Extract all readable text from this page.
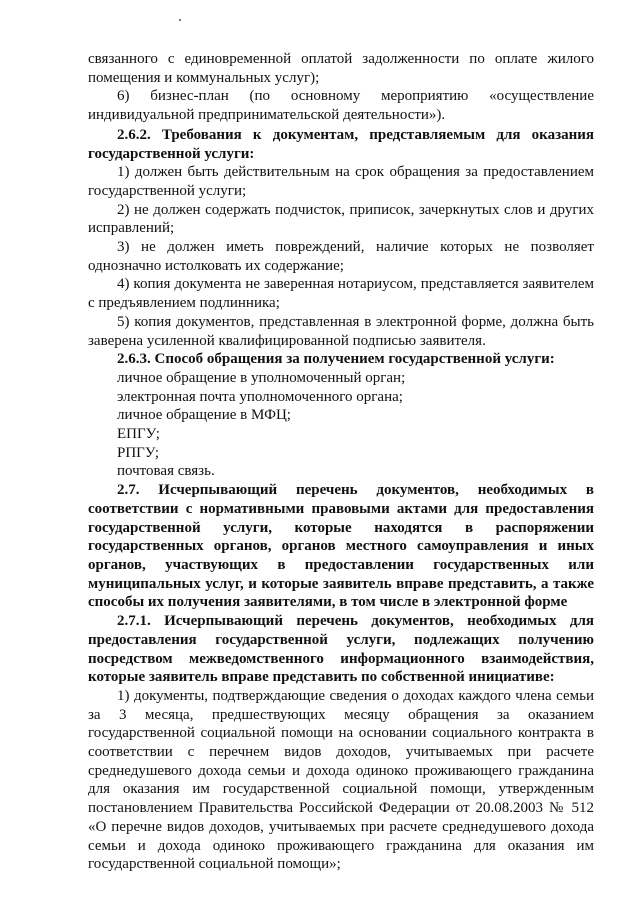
связанного с единовременной оплатой задолженности по оплате жилого помещения и коммунальных услуг);

6) бизнес-план (по основному мероприятию «осуществление индивидуальной предпринимательской деятельности»).

2.6.2. Требования к документам, представляемым для оказания государственной услуги:

1) должен быть действительным на срок обращения за предоставлением государственной услуги;

2) не должен содержать подчисток, приписок, зачеркнутых слов и других исправлений;

3) не должен иметь повреждений, наличие которых не позволяет однозначно истолковать их содержание;

4) копия документа не заверенная нотариусом, представляется заявителем с предъявлением подлинника;

5) копия документов, представленная в электронной форме, должна быть заверена усиленной квалифицированной подписью заявителя.

2.6.3. Способ обращения за получением государственной услуги:

личное обращение в уполномоченный орган;

электронная почта уполномоченного органа;

личное обращение в МФЦ;

ЕПГУ;

РПГУ;

почтовая связь.

2.7. Исчерпывающий перечень документов, необходимых в соответствии с нормативными правовыми актами для предоставления государственной услуги, которые находятся в распоряжении государственных органов, органов местного самоуправления и иных органов, участвующих в предоставлении государственных или муниципальных услуг, и которые заявитель вправе представить, а также способы их получения заявителями, в том числе в электронной форме

2.7.1. Исчерпывающий перечень документов, необходимых для предоставления государственной услуги, подлежащих получению посредством межведомственного информационного взаимодействия, которые заявитель вправе представить по собственной инициативе:

1) документы, подтверждающие сведения о доходах каждого члена семьи за 3 месяца, предшествующих месяцу обращения за оказанием государственной социальной помощи на основании социального контракта в соответствии с перечнем видов доходов, учитываемых при расчете среднедушевого дохода семьи и дохода одиноко проживающего гражданина для оказания им государственной социальной помощи, утвержденным постановлением Правительства Российской Федерации от 20.08.2003 № 512 «О перечне видов доходов, учитываемых при расчете среднедушевого дохода семьи и дохода одиноко проживающего гражданина для оказания им государственной социальной помощи»;
